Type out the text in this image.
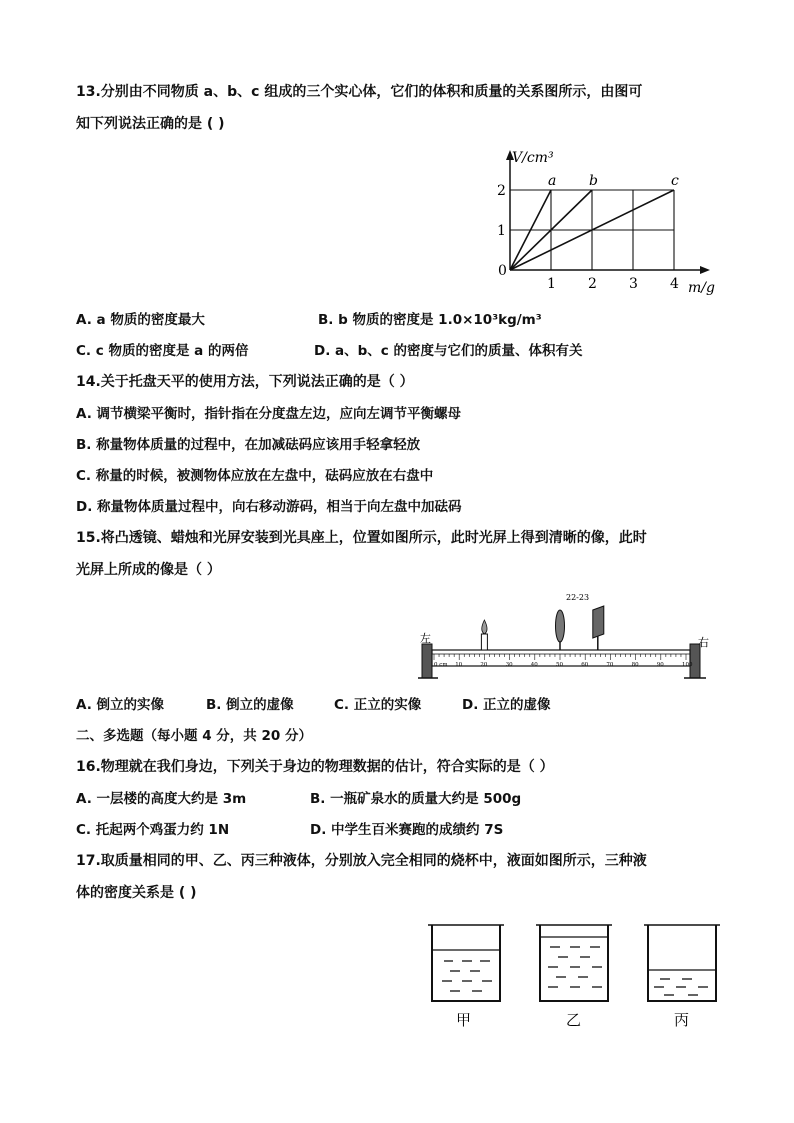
13.分别由不同物质 a、b、c 组成的三个实心体，它们的体积和质量的关系图所示，由图可
知下列说法正确的是 ( )
1 2 3 4
1
2
a b	c
V/cm³
m/g
0
A. a 物质的密度最大	B. b 物质的密度是 1.0×10³kg/m³
C. c 物质的密度是 a 的两倍	D. a、b、c 的密度与它们的质量、体积有关
14.关于托盘天平的使用方法，下列说法正确的是（ ）
A. 调节横梁平衡时，指针指在分度盘左边，应向左调节平衡螺母
B. 称量物体质量的过程中，在加减砝码应该用手轻拿轻放
C. 称量的时候，被测物体应放在左盘中，砝码应放在右盘中
D. 称量物体质量过程中，向右移动游码，相当于向左盘中加砝码
15.将凸透镜、蜡烛和光屏安装到光具座上，位置如图所示，此时光屏上得到清晰的像，此时
光屏上所成的像是（ ）
22-23
左	右
0 cm 10	20	30	40	50	60	70	80	90	100
A. 倒立的实像	B. 倒立的虚像	C. 正立的实像	D. 正立的虚像
二、多选题（每小题 4 分，共 20 分）
16.物理就在我们身边，下列关于身边的物理数据的估计，符合实际的是（ ）
A. 一层楼的高度大约是 3m	B. 一瓶矿泉水的质量大约是 500g
C. 托起两个鸡蛋力约 1N	D. 中学生百米赛跑的成绩约 7S
17.取质量相同的甲、乙、丙三种液体，分别放入完全相同的烧杯中，液面如图所示，三种液
体的密度关系是 ( )
甲	乙	丙
